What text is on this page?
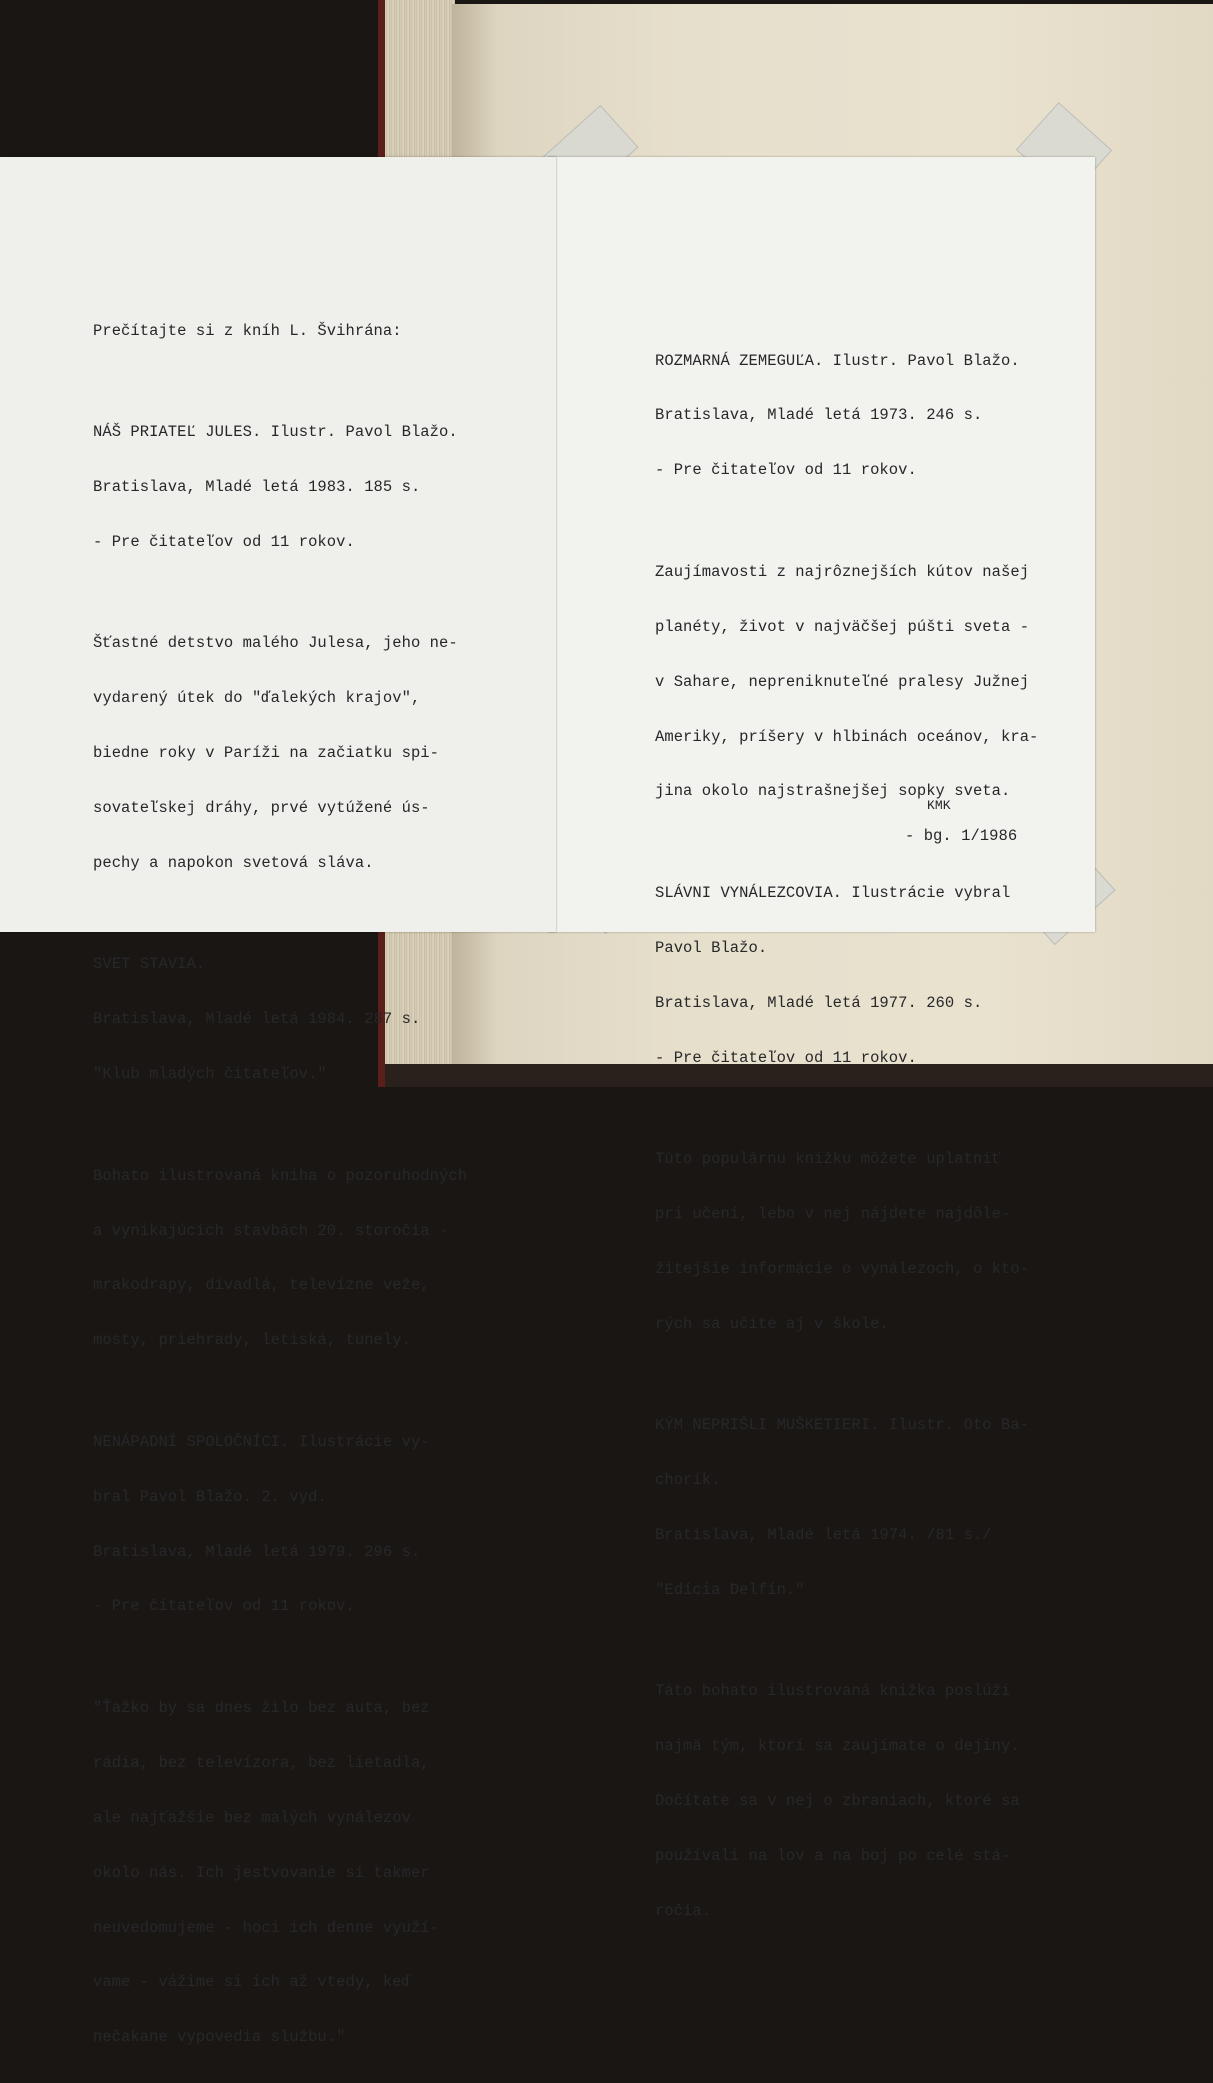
ROZMARNÁ ZEMEGUĽA. Ilustr. Pavol Blažo.

Bratislava, Mladé letá 1973. 246 s.

- Pre čitateľov od 11 rokov.

Zaujímavosti z najrôznejších kútov našej

planéty, život v najväčšej púšti sveta -

v Sahare, nepreniknuteľné pralesy Južnej

Ameriky, príšery v hlbinách oceánov, kra-

jina okolo najstrašnejšej sopky sveta.

SLÁVNI VYNÁLEZCOVIA. Ilustrácie vybral

Pavol Blažo.

Bratislava, Mladé letá 1977. 260 s.

- Pre čitateľov od 11 rokov.

Túto populárnu knižku môžete uplatniť

pri učení, lebo v nej nájdete najdôle-

žitejšie informácie o vynálezoch, o kto-

rých sa učíte aj v škole.

KÝM NEPRIŠLI MUŠKETIERI. Ilustr. Oto Ba-

chorík.

Bratislava, Mladé letá 1974. /81 s./

"Edícia Delfín."

Táto bohato ilustrovaná knižka poslúži

najmä tým, ktorí sa zaujímate o dejiny.

Dočítate sa v nej o zbraniach, ktoré sa

používali na lov a na boj po celé stá-

ročia.

KMK
- bg. 1/1986

Prečítajte si z kníh L. Švihrána:

NÁŠ PRIATEĽ JULES. Ilustr. Pavol Blažo.

Bratislava, Mladé letá 1983. 185 s.

- Pre čitateľov od 11 rokov.

Šťastné detstvo malého Julesa, jeho ne-

vydarený útek do "ďalekých krajov",

biedne roky v Paríži na začiatku spi-

sovateľskej dráhy, prvé vytúžené ús-

pechy a napokon svetová sláva.

SVET STAVIA.

Bratislava, Mladé letá 1984. 287 s.

"Klub mladých čitateľov."

Bohato ilustrovaná kniha o pozoruhodných

a vynikajúcich stavbách 20. storočia -

mrakodrapy, divadlá, televízne veže,

mosty, priehrady, letiská, tunely.

NENÁPADNÍ SPOLOČNÍCI. Ilustrácie vy-

bral Pavol Blažo. 2. vyd.

Bratislava, Mladé letá 1979. 296 s.

- Pre čitateľov od 11 rokov.

"Ťažko by sa dnes žilo bez auta, bez

rádia, bez televízora, bez lietadla,

ale najťažšie bez malých vynálezov

okolo nás. Ich jestvovanie si takmer

neuvedomujeme - hoci ich denne využí-

vame - vážime si ich až vtedy, keď

nečakane vypovedia službu."
